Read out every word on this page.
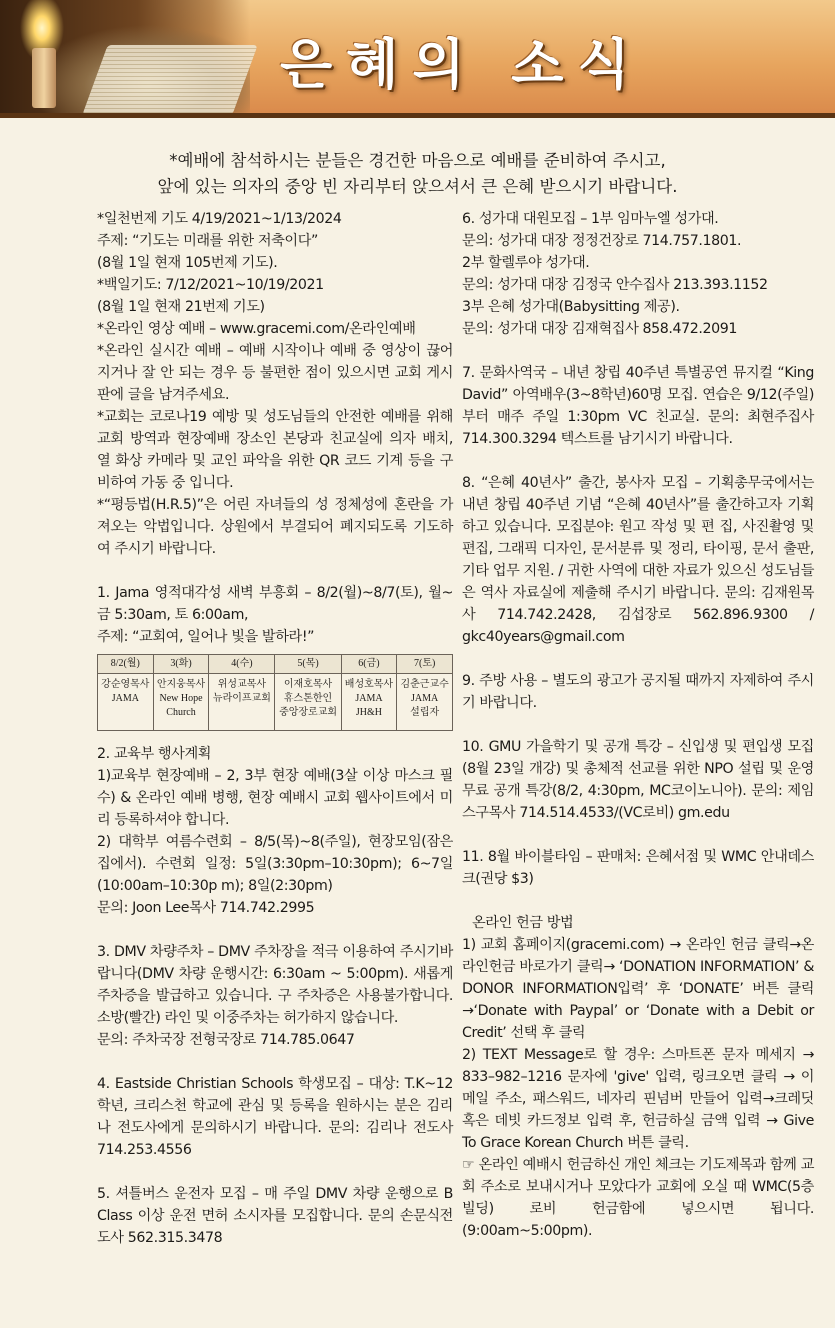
은혜의 소식
*예배에 참석하시는 분들은 경건한 마음으로 예배를 준비하여 주시고,
앞에 있는 의자의 중앙 빈 자리부터 앉으셔서 큰 은혜 받으시기 바랍니다.

*일천번제 기도 4/19/2021~1/13/2024

주제: “기도는 미래를 위한 저축이다”

(8월 1일 현재 105번제 기도).

*백일기도: 7/12/2021~10/19/2021

(8월 1일 현재 21번제 기도)

*온라인 영상 예배 – www.gracemi.com/온라인예배

*온라인 실시간 예배 – 예배 시작이나 예배 중 영상이 끊어지거나 잘 안 되는 경우 등 불편한 점이 있으시면 교회 게시판에 글을 남겨주세요.

*교회는 코로나19 예방 및 성도님들의 안전한 예배를 위해 교회 방역과 현장예배 장소인 본당과 친교실에 의자 배치, 열 화상 카메라 및 교인 파악을 위한 QR 코드 기계 등을 구비하여 가동 중 입니다.

*“평등법(H.R.5)”은 어린 자녀들의 성 정체성에 혼란을 가져오는 악법입니다. 상원에서 부결되어 폐지되도록 기도하여 주시기 바랍니다.

1. Jama 영적대각성 새벽 부흥회 – 8/2(월)~8/7(토), 월~금 5:30am, 토 6:00am,

주제: “교회여, 일어나 빛을 발하라!”

8/2(월)	3(화)	4(수)	5(목)	6(금)	7(토)

강순영목사
JAMA	안지웅목사
New Hope
Church	위성교목사
뉴라이프교회	이재호목사
휴스톤한인
중앙장로교회	배성호목사
JAMA
JH&H	김춘근교수
JAMA
설립자

2. 교육부 행사계획

1)교육부 현장예배 – 2, 3부 현장 예배(3살 이상 마스크 필수) & 온라인 예배 병행, 현장 예배시 교회 웹사이트에서 미리 등록하셔야 합니다.

2) 대학부 여름수련회 – 8/5(목)~8(주일), 현장모임(잠은 집에서). 수련회 일정: 5일(3:30pm–10:30pm); 6~7일(10:00am–10:30p m); 8일(2:30pm)

문의: Joon Lee목사 714.742.2995

3. DMV 차량주차 – DMV 주차장을 적극 이용하여 주시기바랍니다(DMV 차량 운행시간: 6:30am ~ 5:00pm). 새롭게 주차증을 발급하고 있습니다. 구 주차증은 사용불가합니다. 소방(빨간) 라인 및 이중주차는 허가하지 않습니다.

문의: 주차국장 전형국장로 714.785.0647

4. Eastside Christian Schools 학생모집 – 대상: T.K~12학년, 크리스천 학교에 관심 및 등록을 원하시는 분은 김리나 전도사에게 문의하시기 바랍니다. 문의: 김리나 전도사 714.253.4556

5. 셔틀버스 운전자 모집 – 매 주일 DMV 차량 운행으로 B Class 이상 운전 면허 소시자를 모집합니다. 문의 손문식전도사 562.315.3478

6. 성가대 대원모집 – 1부 임마누엘 성가대.

문의: 성가대 대장 정정건장로 714.757.1801.

2부 할렐루야 성가대.

문의: 성가대 대장 김정국 안수집사 213.393.1152

3부 은혜 성가대(Babysitting 제공).

문의: 성가대 대장 김재혁집사 858.472.2091

7. 문화사역국 – 내년 창립 40주년 특별공연 뮤지컬 “King David” 아역배우(3~8학년)60명 모집. 연습은 9/12(주일)부터 매주 주일 1:30pm VC 친교실. 문의: 최현주집사 714.300.3294 텍스트를 남기시기 바랍니다.

8. “은혜 40년사” 출간, 봉사자 모집 – 기획총무국에서는 내년 창립 40주년 기념 “은혜 40년사”를 출간하고자 기획하고 있습니다. 모집분야: 원고 작성 및 편 집, 사진촬영 및 편집, 그래픽 디자인, 문서분류 및 정리, 타이핑, 문서 출판, 기타 업무 지원. / 귀한 사역에 대한 자료가 있으신 성도님들은 역사 자료실에 제출해 주시기 바랍니다. 문의: 김재원목사 714.742.2428, 김섭장로 562.896.9300 / gkc40years@gmail.com

9. 주방 사용 – 별도의 광고가 공지될 때까지 자제하여 주시기 바랍니다.

10. GMU 가을학기 및 공개 특강 – 신입생 및 편입생 모집(8월 23일 개강) 및 총체적 선교를 위한 NPO 설립 및 운영 무료 공개 특강(8/2, 4:30pm, MC코이노니아). 문의: 제임스구목사 714.514.4533/(VC로비) gm.edu

11. 8월 바이블타임 – 판매처: 은혜서점 및 WMC 안내데스크(권당 $3)

온라인 헌금 방법

1) 교회 홈페이지(gracemi.com) → 온라인 헌금 클릭→온라인헌금 바로가기 클릭→ ‘DONATION INFORMATION’ & DONOR INFORMATION입력’ 후 ‘DONATE’ 버튼 클릭→‘Donate with Paypal’ or ‘Donate with a Debit or Credit’ 선택 후 클릭

2) TEXT Message로 할 경우: 스마트폰 문자 메세지 → 833–982–1216 문자에 'give' 입력, 링크오면 클릭 → 이메일 주소, 패스워드, 네자리 핀넘버 만들어 입력→크레딧 혹은 데빗 카드정보 입력 후, 헌금하실 금액 입력 → Give To Grace Korean Church 버튼 클릭.

☞ 온라인 예배시 헌금하신 개인 체크는 기도제목과 함께 교회 주소로 보내시거나 모았다가 교회에 오실 때 WMC(5층빌딩) 로비 헌금함에 넣으시면 됩니다. (9:00am~5:00pm).
